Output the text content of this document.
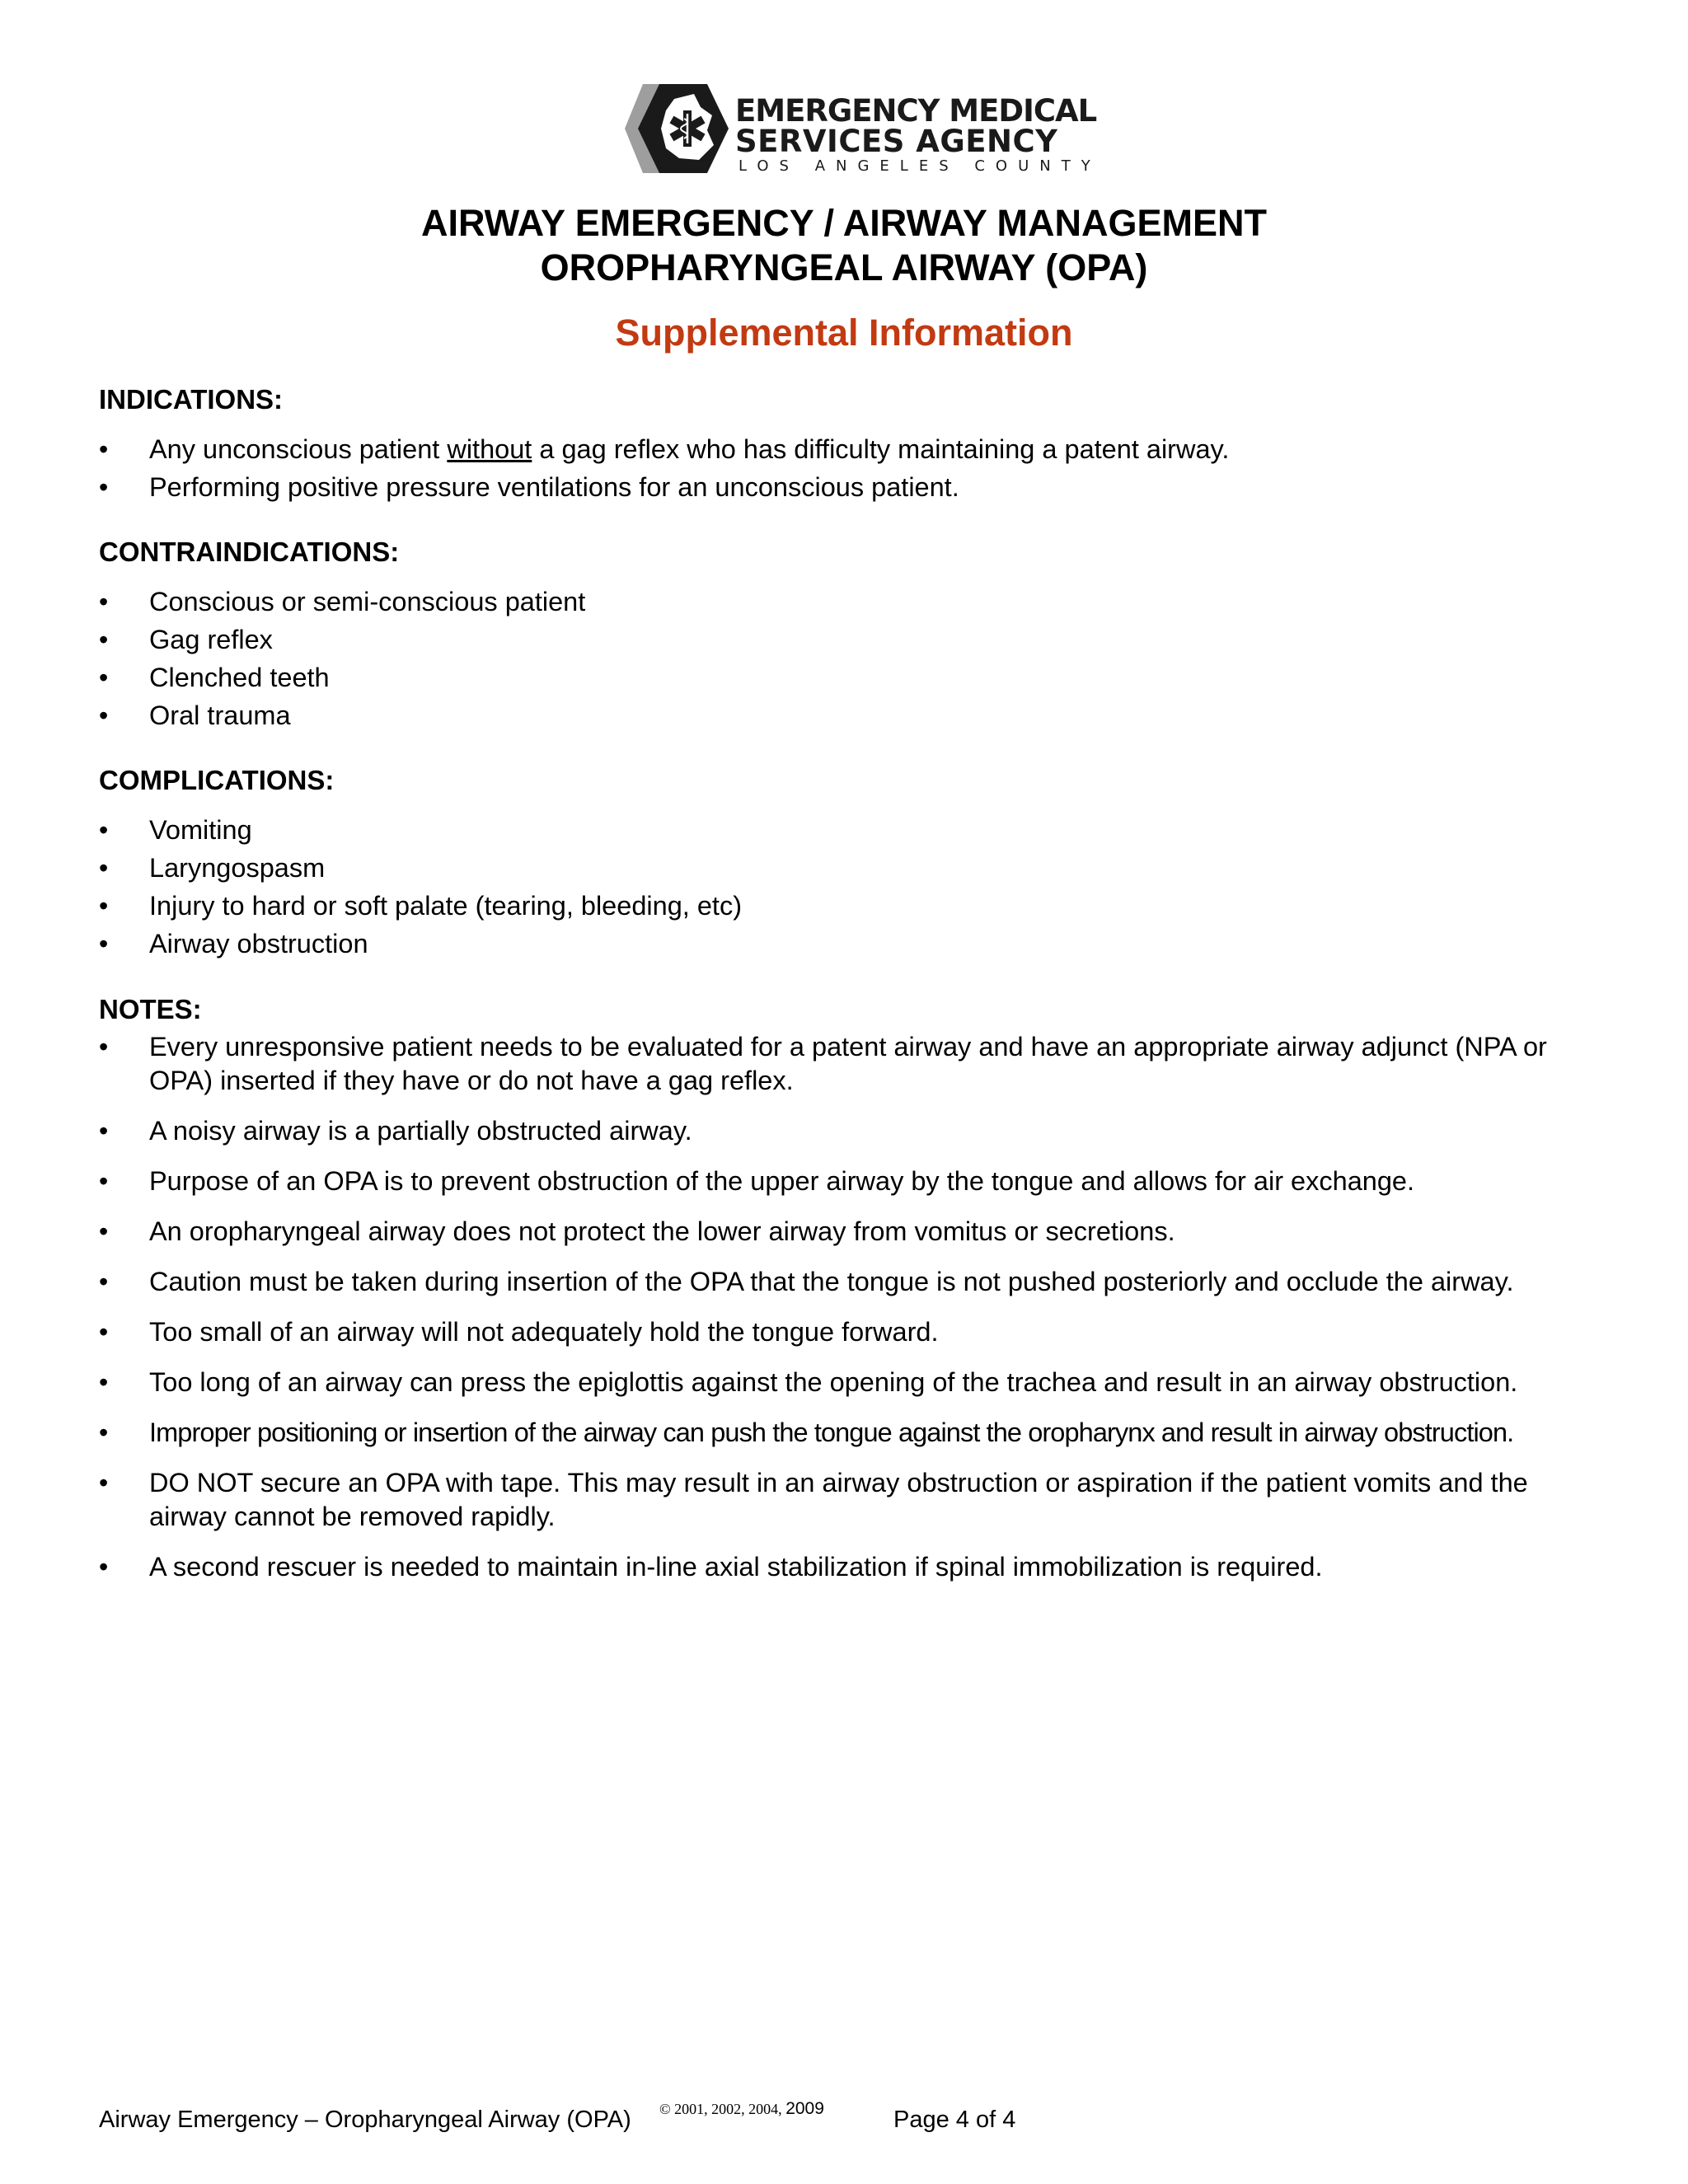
EMERGENCY MEDICAL
SERVICES AGENCY
LOS ANGELES COUNTY
AIRWAY EMERGENCY / AIRWAY MANAGEMENT
OROPHARYNGEAL AIRWAY (OPA)
Supplemental Information
INDICATIONS:
• Any unconscious patient without a gag reflex who has difficulty maintaining a patent airway.
• Performing positive pressure ventilations for an unconscious patient.
CONTRAINDICATIONS:
• Conscious or semi-conscious patient
• Gag reflex
• Clenched teeth
• Oral trauma
COMPLICATIONS:
• Vomiting
• Laryngospasm
• Injury to hard or soft palate (tearing, bleeding, etc)
• Airway obstruction
NOTES:
• Every unresponsive patient needs to be evaluated for a patent airway and have an appropriate airway adjunct (NPA or OPA) inserted if they have or do not have a gag reflex.
• A noisy airway is a partially obstructed airway.
• Purpose of an OPA is to prevent obstruction of the upper airway by the tongue and allows for air exchange.
• An oropharyngeal airway does not protect the lower airway from vomitus or secretions.
• Caution must be taken during insertion of the OPA that the tongue is not pushed posteriorly and occlude the airway.
• Too small of an airway will not adequately hold the tongue forward.
• Too long of an airway can press the epiglottis against the opening of the trachea and result in an airway obstruction.
• Improper positioning or insertion of the airway can push the tongue against the oropharynx and result in airway obstruction.
• DO NOT secure an OPA with tape. This may result in an airway obstruction or aspiration if the patient vomits and the airway cannot be removed rapidly.
• A second rescuer is needed to maintain in-line axial stabilization if spinal immobilization is required.
Airway Emergency – Oropharyngeal Airway (OPA) © 2001, 2002, 2004, 2009	Page 4 of 4
